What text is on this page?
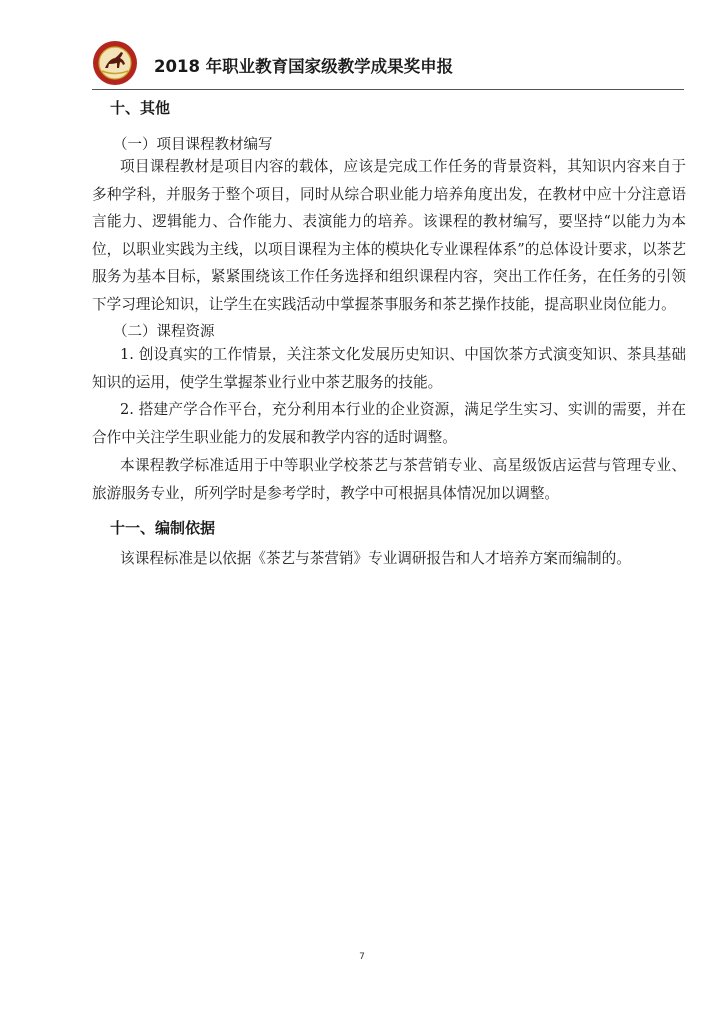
2018 年职业教育国家级教学成果奖申报
十、其他
（一）项目课程教材编写
项目课程教材是项目内容的载体，应该是完成工作任务的背景资料，其知识内容来自于多种学科，并服务于整个项目，同时从综合职业能力培养角度出发，在教材中应十分注意语言能力、逻辑能力、合作能力、表演能力的培养。该课程的教材编写，要坚持“以能力为本位，以职业实践为主线，以项目课程为主体的模块化专业课程体系”的总体设计要求，以茶艺服务为基本目标，紧紧围绕该工作任务选择和组织课程内容，突出工作任务，在任务的引领下学习理论知识，让学生在实践活动中掌握茶事服务和茶艺操作技能，提高职业岗位能力。
（二）课程资源
1. 创设真实的工作情景，关注茶文化发展历史知识、中国饮茶方式演变知识、茶具基础知识的运用，使学生掌握茶业行业中茶艺服务的技能。
2. 搭建产学合作平台，充分利用本行业的企业资源，满足学生实习、实训的需要，并在合作中关注学生职业能力的发展和教学内容的适时调整。
本课程教学标准适用于中等职业学校茶艺与茶营销专业、高星级饭店运营与管理专业、旅游服务专业，所列学时是参考学时，教学中可根据具体情况加以调整。
十一、编制依据
该课程标准是以依据《茶艺与茶营销》专业调研报告和人才培养方案而编制的。
7
